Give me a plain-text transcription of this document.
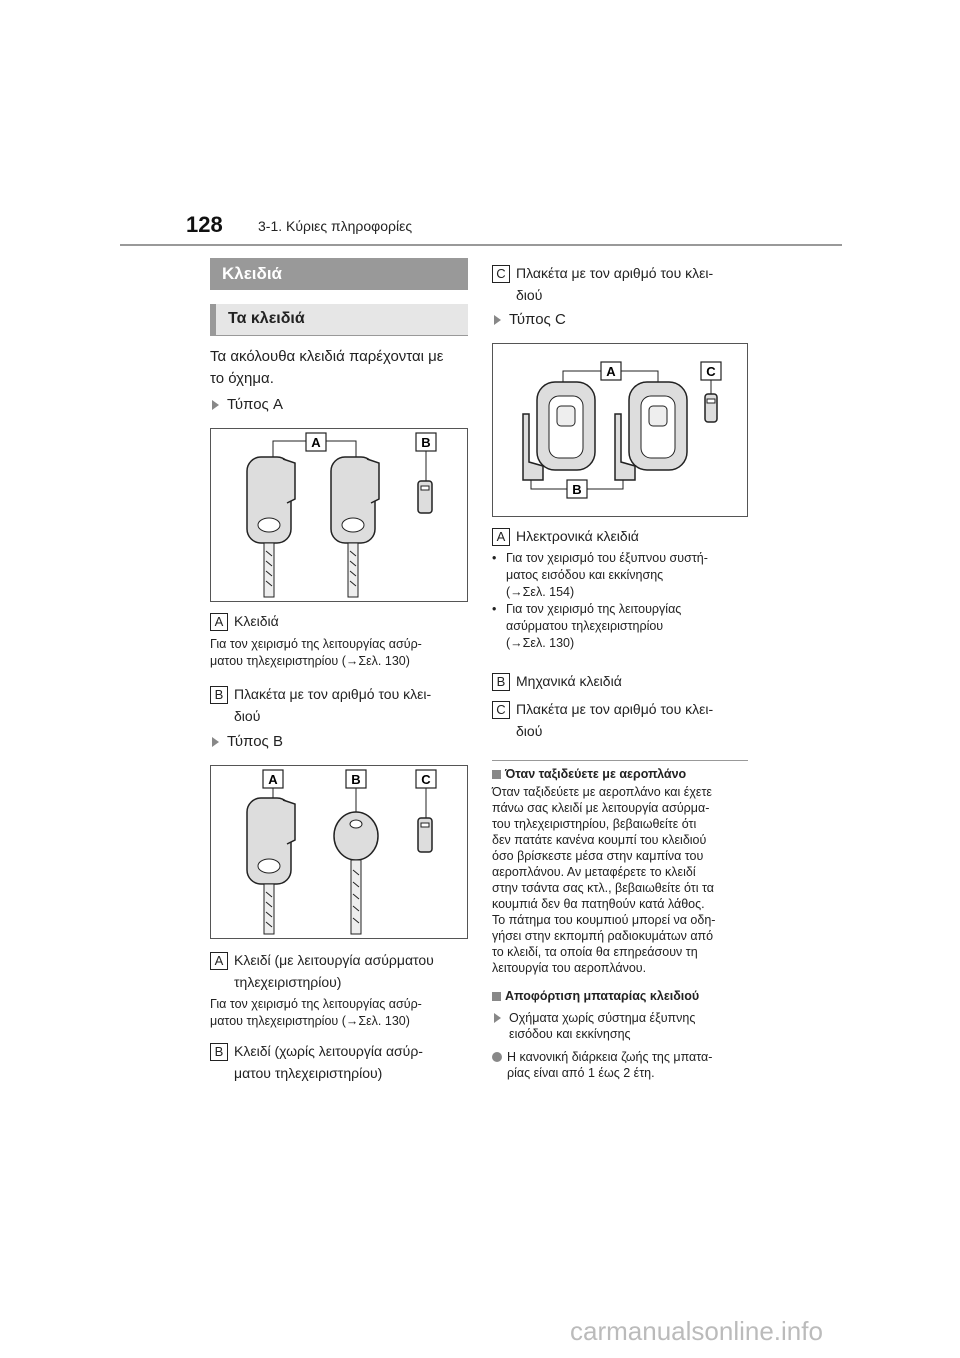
128	3-1. Κύριες πληροφορίες
Κλειδιά
Τα κλειδιά
Τα ακόλουθα κλειδιά παρέχονται με
το όχημα.
Τύπος A
A	B
A Κλειδιά
Για τον χειρισμό της λειτουργίας ασύρ-
ματου τηλεχειριστηρίου (→Σελ. 130)
B Πλακέτα με τον αριθμό του κλει-
διού
Τύπος B
A	B	C
A Κλειδί (με λειτουργία ασύρματου
τηλεχειριστηρίου)
Για τον χειρισμό της λειτουργίας ασύρ-
ματου τηλεχειριστηρίου (→Σελ. 130)
B Κλειδί (χωρίς λειτουργία ασύρ-
ματου τηλεχειριστηρίου)
C Πλακέτα με τον αριθμό του κλει-
διού
Τύπος C
A	C
B
A Ηλεκτρονικά κλειδιά
• Για τον χειρισμό του έξυπνου συστή-
ματος εισόδου και εκκίνησης
(→Σελ. 154)
• Για τον χειρισμό της λειτουργίας
ασύρματου τηλεχειριστηρίου
(→Σελ. 130)
B Μηχανικά κλειδιά
C Πλακέτα με τον αριθμό του κλει-
διού
Όταν ταξιδεύετε με αεροπλάνο
Όταν ταξιδεύετε με αεροπλάνο και έχετε
πάνω σας κλειδί με λειτουργία ασύρμα-
του τηλεχειριστηρίου, βεβαιωθείτε ότι
δεν πατάτε κανένα κουμπί του κλειδιού
όσο βρίσκεστε μέσα στην καμπίνα του
αεροπλάνου. Αν μεταφέρετε το κλειδί
στην τσάντα σας κτλ., βεβαιωθείτε ότι τα
κουμπιά δεν θα πατηθούν κατά λάθος.
Το πάτημα του κουμπιού μπορεί να οδη-
γήσει στην εκπομπή ραδιοκυμάτων από
το κλειδί, τα οποία θα επηρεάσουν τη
λειτουργία του αεροπλάνου.
Αποφόρτιση μπαταρίας κλειδιού
Οχήματα χωρίς σύστημα έξυπνης
εισόδου και εκκίνησης
Η κανονική διάρκεια ζωής της μπατα-
ρίας είναι από 1 έως 2 έτη.
carmanualsonline.info
